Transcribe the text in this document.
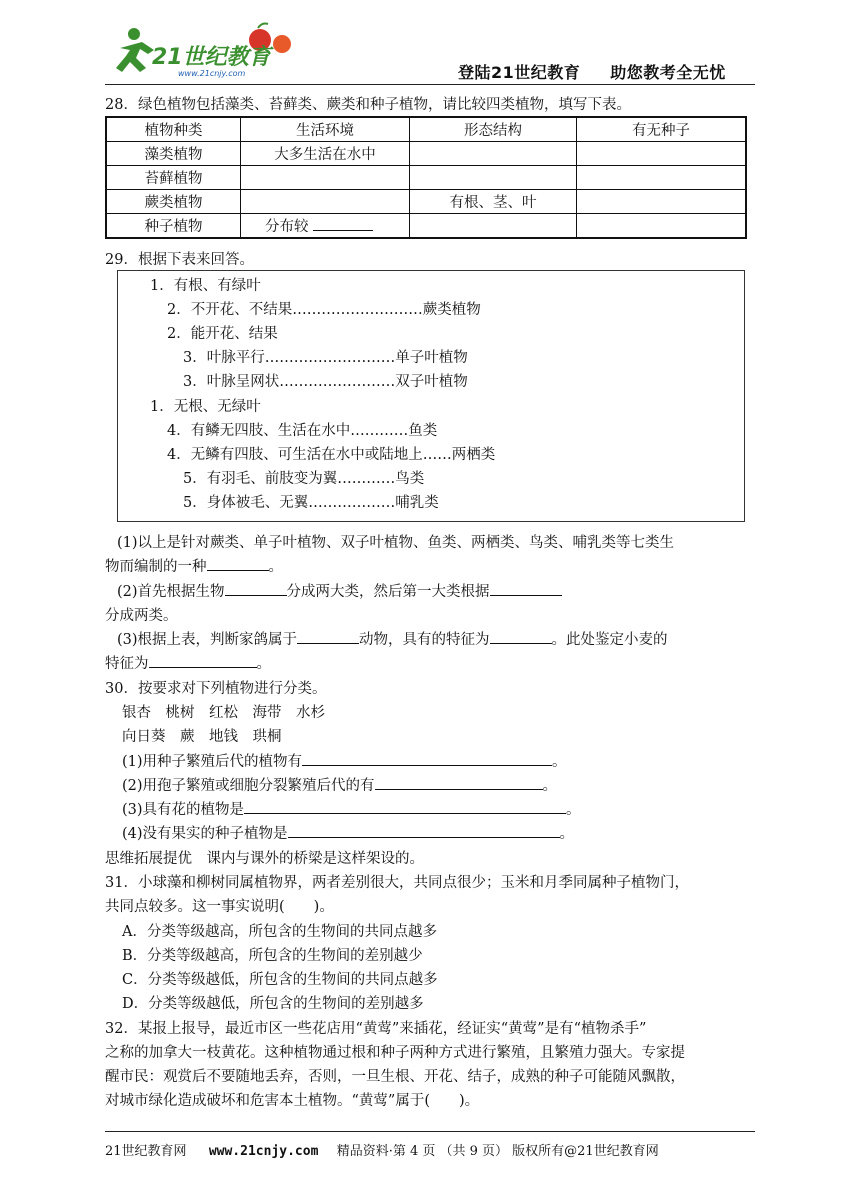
21世纪教育
www.21cnjy.com	登陆21世纪教育 助您教考全无忧
28．绿色植物包括藻类、苔藓类、蕨类和种子植物，请比较四类植物，填写下表。
植物种类	生活环境	形态结构	有无种子
藻类植物	大多生活在水中		
苔藓植物			
蕨类植物		有根、茎、叶	
种子植物	分布较		
29．根据下表来回答。
1．有根、有绿叶
2．不开花、不结果………………………蕨类植物
2．能开花、结果
3．叶脉平行………………………单子叶植物
3．叶脉呈网状……………………双子叶植物
1．无根、无绿叶
4．有鳞无四肢、生活在水中…………鱼类
4．无鳞有四肢、可生活在水中或陆地上……两栖类
5．有羽毛、前肢变为翼…………鸟类
5．身体被毛、无翼………………哺乳类
(1)以上是针对蕨类、单子叶植物、双子叶植物、鱼类、两栖类、鸟类、哺乳类等七类生
物而编制的一种	。
(2)首先根据生物	分成两大类，然后第一大类根据
分成两类。
(3)根据上表，判断家鸽属于	动物，具有的特征为	。此处鉴定小麦的
特征为	。
30．按要求对下列植物进行分类。
银杏　桃树　红松　海带　水杉
向日葵　蕨　地钱　珙桐
(1)用种子繁殖后代的植物有	。
(2)用孢子繁殖或细胞分裂繁殖后代的有	。
(3)具有花的植物是	。
(4)没有果实的种子植物是	。
思维拓展提优　课内与课外的桥梁是这样架设的。
31．小球藻和柳树同属植物界，两者差别很大，共同点很少；玉米和月季同属种子植物门，
共同点较多。这一事实说明(　　)。
A．分类等级越高，所包含的生物间的共同点越多
B．分类等级越高，所包含的生物间的差别越少
C．分类等级越低，所包含的生物间的共同点越多
D．分类等级越低，所包含的生物间的差别越多
32．某报上报导，最近市区一些花店用“黄莺”来插花，经证实“黄莺”是有“植物杀手”
之称的加拿大一枝黄花。这种植物通过根和种子两种方式进行繁殖，且繁殖力强大。专家提
醒市民：观赏后不要随地丢弃，否则，一旦生根、开花、结子，成熟的种子可能随风飘散，
对城市绿化造成破坏和危害本土植物。“黄莺”属于(　　)。
21世纪教育网 www.21cnjy.com 精品资料·第 4 页 （共 9 页） 版权所有@21世纪教育网
